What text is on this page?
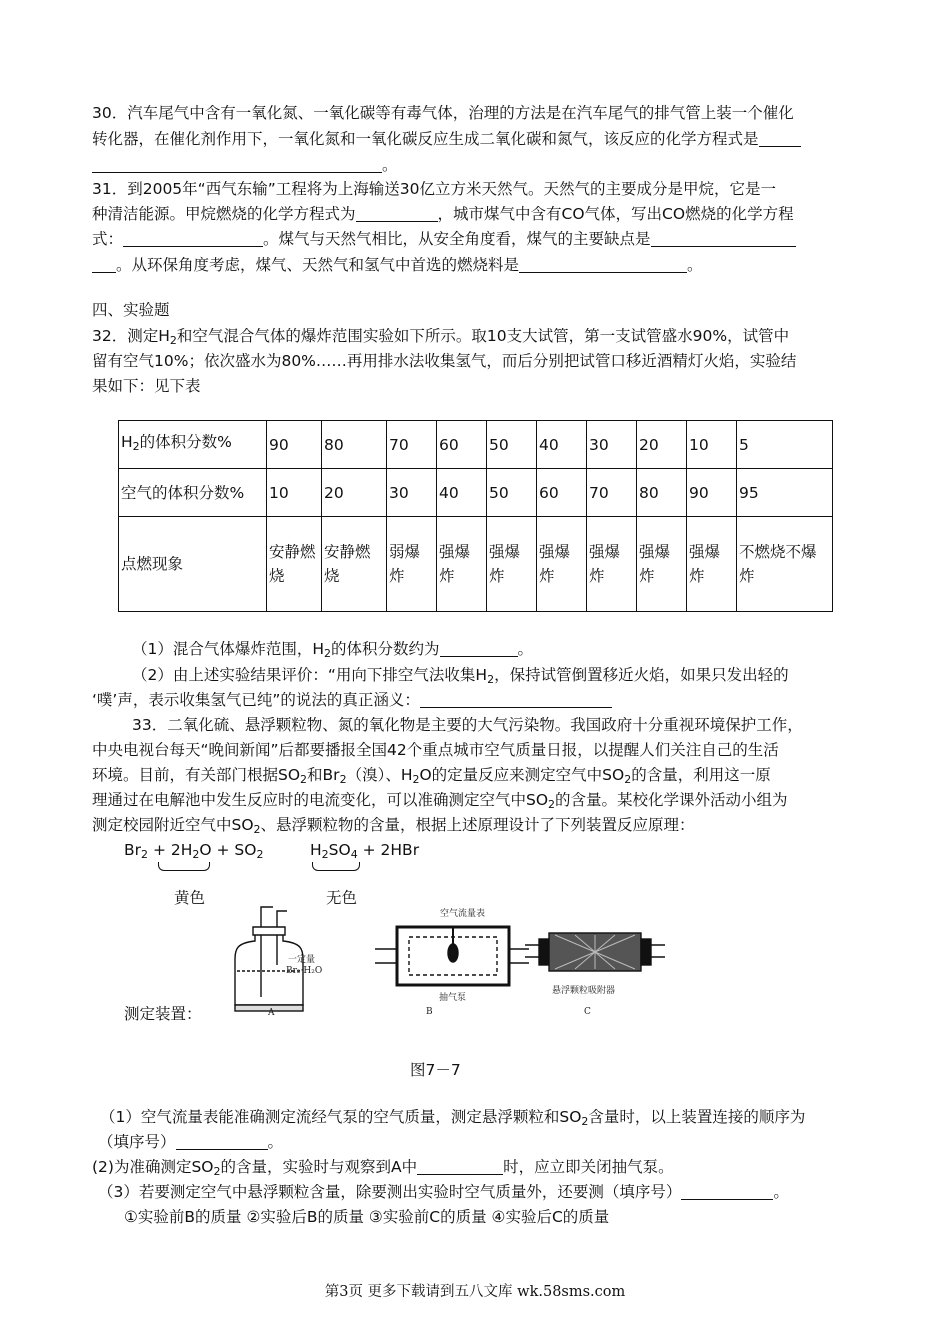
30．汽车尾气中含有一氧化氮、一氧化碳等有毒气体，治理的方法是在汽车尾气的排气管上装一个催化
转化器，在催化剂作用下，一氧化氮和一氧化碳反应生成二氧化碳和氮气，该反应的化学方程式是
。
31．到2005年“西气东输”工程将为上海输送30亿立方米天然气。天然气的主要成分是甲烷，它是一
种清洁能源。甲烷燃烧的化学方程式为	，城市煤气中含有CO气体，写出CO燃烧的化学方程
式：	。煤气与天然气相比，从安全角度看，煤气的主要缺点是
。从环保角度考虑，煤气、天然气和氢气中首选的燃烧料是	。
四、实验题
32．测定$H_2$和空气混合气体的爆炸范围实验如下所示。取10支大试管，第一支试管盛水90%，试管中
留有空气10%；依次盛水为80%……再用排水法收集氢气，而后分别把试管口移近酒精灯火焰，实验结
果如下：见下表
$H_2$的体积分数%	90	80	70	60	50	40	30	20	10	5
空气的体积分数%	10	20	30	40	50	60	70	80	90	95
点燃现象	安静燃烧	安静燃烧	弱爆炸	强爆炸	强爆炸	强爆炸	强爆炸	强爆炸	强爆炸	不燃烧不爆炸
（1）混合气体爆炸范围，$H_2$的体积分数约为	。
（2）由上述实验结果评价：“用向下排空气法收集$H_2$，保持试管倒置移近火焰，如果只发出轻的
‘噗’声，表示收集氢气已纯”的说法的真正涵义：
33．二氧化硫、悬浮颗粒物、氮的氧化物是主要的大气污染物。我国政府十分重视环境保护工作，
中央电视台每天“晚间新闻”后都要播报全国42个重点城市空气质量日报，以提醒人们关注自己的生活
环境。目前，有关部门根据$SO_2$和$Br_2$（溴）、$H_2O$的定量反应来测定空气中$SO_2$的含量，利用这一原
理通过在电解池中发生反应时的电流变化，可以准确测定空气中$SO_2$的含量。某校化学课外活动小组为
测定校园附近空气中$SO_2$、悬浮颗粒物的含量，根据上述原理设计了下列装置反应原理：
$Br_2 + 2H_2O + SO_2$	$H_2SO_4 + 2HBr$
黄色	无色
测定装置：
一定量
Br₂·H₂O
空气流量表
抽气泵
悬浮颗粒吸附器
A	B	C
图7－7
（1）空气流量表能准确测定流经气泵的空气质量，测定悬浮颗粒和$SO_2$含量时，以上装置连接的顺序为
（填序号）	。
(2)为准确测定$SO_2$的含量，实验时与观察到A中	时，应立即关闭抽气泵。
（3）若要测定空气中悬浮颗粒含量，除要测出实验时空气质量外，还要测（填序号）	。
①实验前B的质量 ②实验后B的质量 ③实验前C的质量 ④实验后C的质量
第3页 更多下载请到五八文库 wk.58sms.com
